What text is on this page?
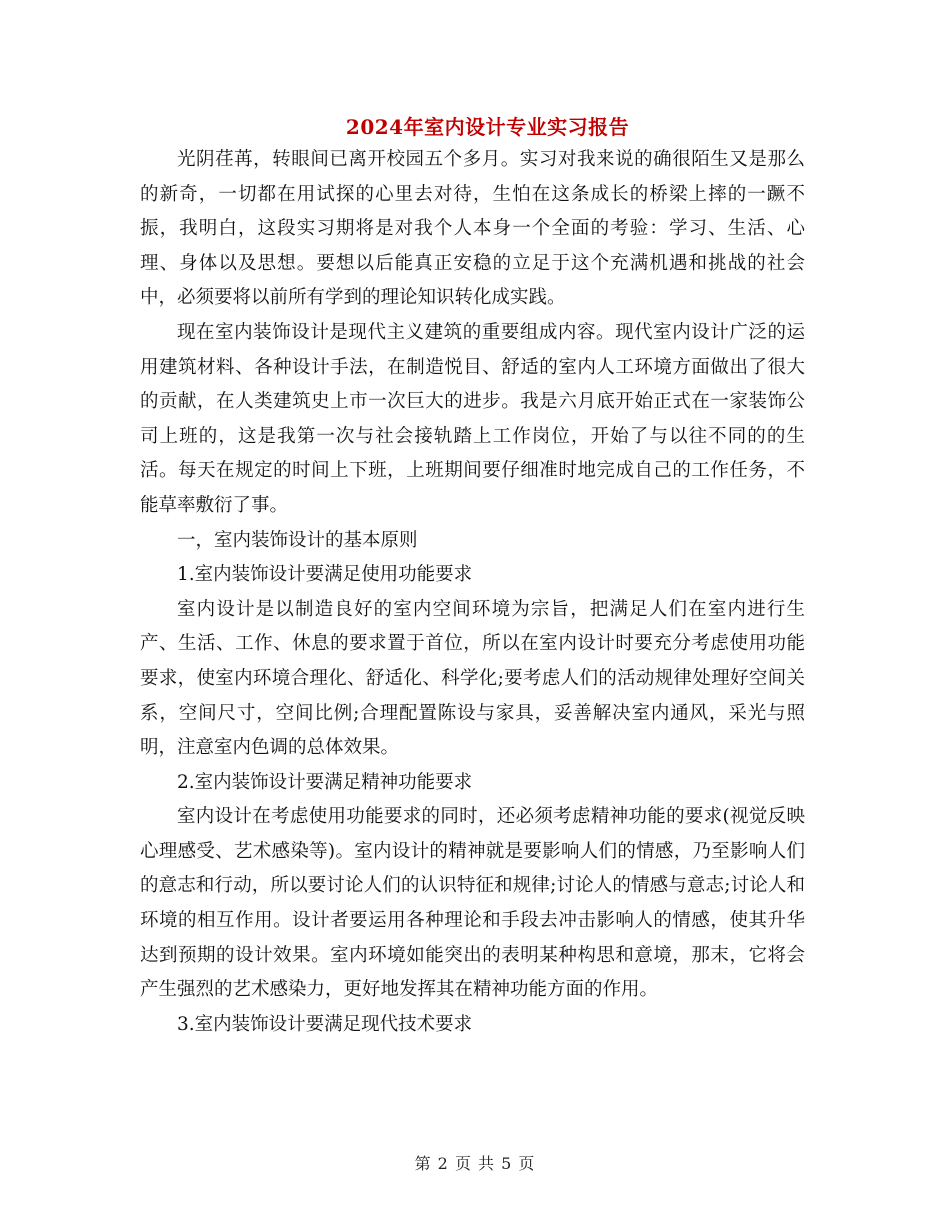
2024年室内设计专业实习报告

光阴荏苒，转眼间已离开校园五个多月。实习对我来说的确很陌生又是那么的新奇，一切都在用试探的心里去对待，生怕在这条成长的桥梁上摔的一蹶不振，我明白，这段实习期将是对我个人本身一个全面的考验：学习、生活、心理、身体以及思想。要想以后能真正安稳的立足于这个充满机遇和挑战的社会中，必须要将以前所有学到的理论知识转化成实践。

现在室内装饰设计是现代主义建筑的重要组成内容。现代室内设计广泛的运用建筑材料、各种设计手法，在制造悦目、舒适的室内人工环境方面做出了很大的贡献，在人类建筑史上市一次巨大的进步。我是六月底开始正式在一家装饰公司上班的，这是我第一次与社会接轨踏上工作岗位，开始了与以往不同的的生活。每天在规定的时间上下班，上班期间要仔细准时地完成自己的工作任务，不能草率敷衍了事。

一，室内装饰设计的基本原则

1.室内装饰设计要满足使用功能要求

室内设计是以制造良好的室内空间环境为宗旨，把满足人们在室内进行生产、生活、工作、休息的要求置于首位，所以在室内设计时要充分考虑使用功能要求，使室内环境合理化、舒适化、科学化;要考虑人们的活动规律处理好空间关系，空间尺寸，空间比例;合理配置陈设与家具，妥善解决室内通风，采光与照明，注意室内色调的总体效果。

2.室内装饰设计要满足精神功能要求

室内设计在考虑使用功能要求的同时，还必须考虑精神功能的要求(视觉反映心理感受、艺术感染等)。室内设计的精神就是要影响人们的情感，乃至影响人们的意志和行动，所以要讨论人们的认识特征和规律;讨论人的情感与意志;讨论人和环境的相互作用。设计者要运用各种理论和手段去冲击影响人的情感，使其升华达到预期的设计效果。室内环境如能突出的表明某种构思和意境，那末，它将会产生强烈的艺术感染力，更好地发挥其在精神功能方面的作用。

3.室内装饰设计要满足现代技术要求

第 2 页 共 5 页
